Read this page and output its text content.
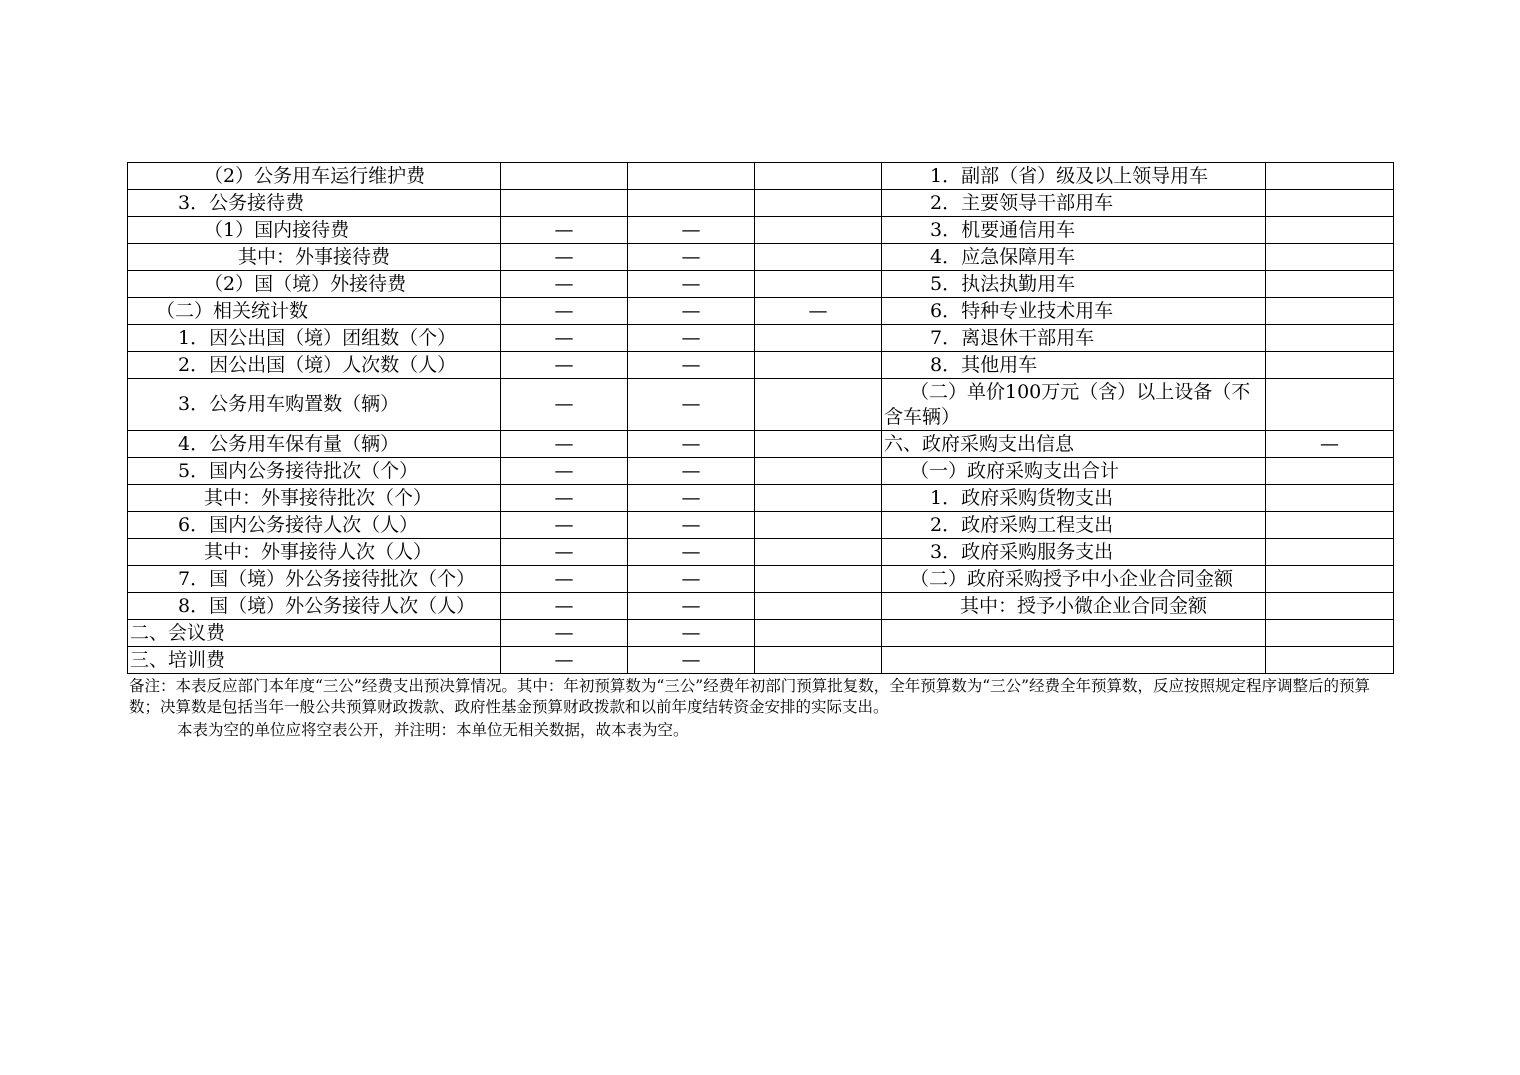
（2）公务用车运行维护费				1．副部（省）级及以上领导用车	
3．公务接待费				2．主要领导干部用车	
（1）国内接待费	—	—		3．机要通信用车	
其中：外事接待费	—	—		4．应急保障用车	
（2）国（境）外接待费	—	—		5．执法执勤用车	
（二）相关统计数	—	—	—	6．特种专业技术用车	
1．因公出国（境）团组数（个）	—	—		7．离退休干部用车	
2．因公出国（境）人次数（人）	—	—		8．其他用车	
3．公务用车购置数（辆）	—	—		（二）单价100万元（含）以上设备（不含车辆）	
4．公务用车保有量（辆）	—	—		六、政府采购支出信息	—
5．国内公务接待批次（个）	—	—		（一）政府采购支出合计	
其中：外事接待批次（个）	—	—		1．政府采购货物支出	
6．国内公务接待人次（人）	—	—		2．政府采购工程支出	
其中：外事接待人次（人）	—	—		3．政府采购服务支出	
7．国（境）外公务接待批次（个）	—	—		（二）政府采购授予中小企业合同金额	
8．国（境）外公务接待人次（人）	—	—		其中：授予小微企业合同金额	
二、会议费	—	—			
三、培训费	—	—			

备注：本表反应部门本年度“三公”经费支出预决算情况。其中：年初预算数为“三公”经费年初部门预算批复数，全年预算数为“三公”经费全年预算数，反应按照规定程序调整后的预算数；决算数是包括当年一般公共预算财政拨款、政府性基金预算财政拨款和以前年度结转资金安排的实际支出。

本表为空的单位应将空表公开，并注明：本单位无相关数据，故本表为空。
